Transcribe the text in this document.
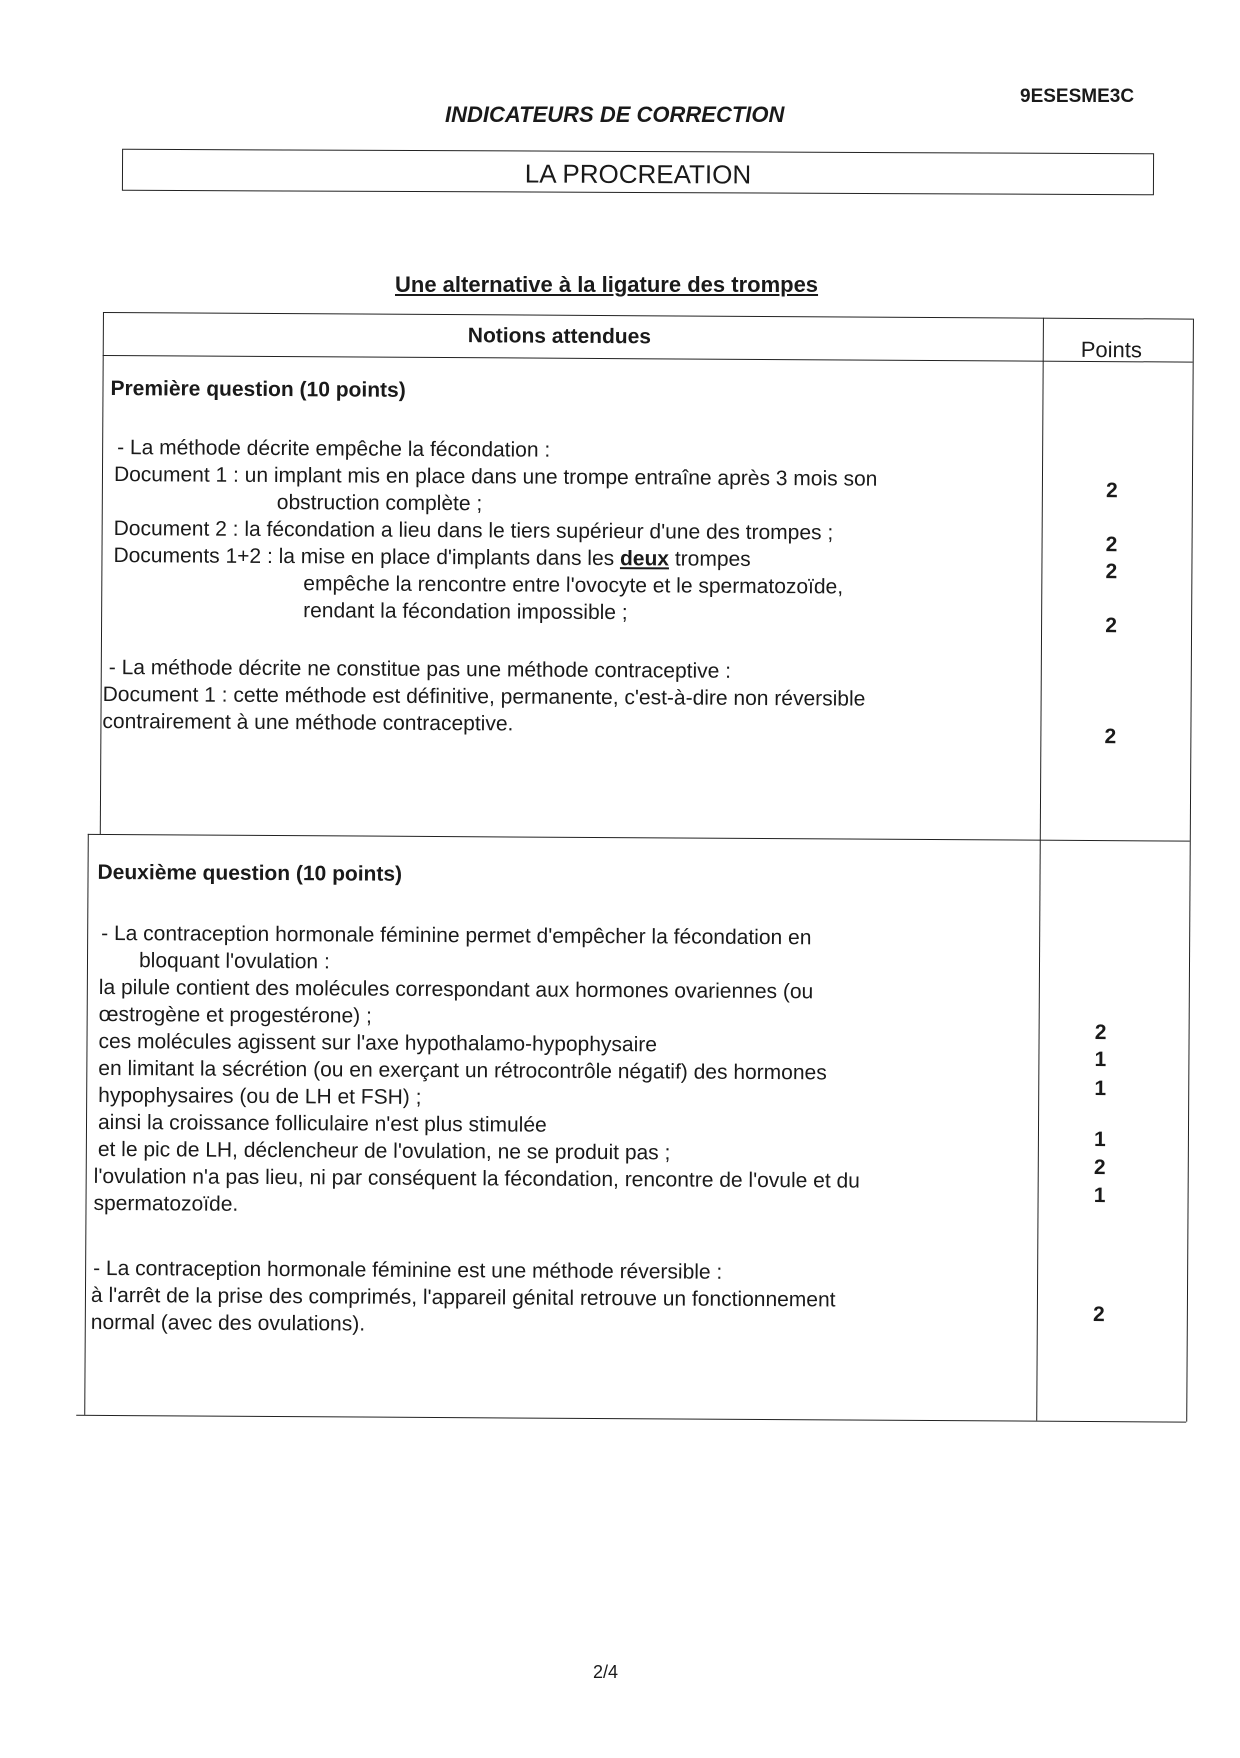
9ESESME3C
INDICATEURS DE CORRECTION
LA PROCREATION
Une alternative à la ligature des trompes
Notions attendues
Points
Première question (10 points)
- La méthode décrite empêche la fécondation :
Document 1 : un implant mis en place dans une trompe entraîne après 3 mois son
obstruction complète ;
Document 2 : la fécondation a lieu dans le tiers supérieur d'une des trompes ;
Documents 1+2 : la mise en place d'implants dans les deux trompes
empêche la rencontre entre l'ovocyte et le spermatozoïde,
rendant la fécondation impossible ;
- La méthode décrite ne constitue pas une méthode contraceptive :
Document 1 : cette méthode est définitive, permanente, c'est-à-dire non réversible
contrairement à une méthode contraceptive.
2
2
2
2
2
Deuxième question (10 points)
- La contraception hormonale féminine permet d'empêcher la fécondation en
bloquant l'ovulation :
la pilule contient des molécules correspondant aux hormones ovariennes (ou
œstrogène et progestérone) ;
ces molécules agissent sur l'axe hypothalamo-hypophysaire
en limitant la sécrétion (ou en exerçant un rétrocontrôle négatif) des hormones
hypophysaires (ou de LH et FSH) ;
ainsi la croissance folliculaire n'est plus stimulée
et le pic de LH, déclencheur de l'ovulation, ne se produit pas ;
l'ovulation n'a pas lieu, ni par conséquent la fécondation, rencontre de l'ovule et du
spermatozoïde.
- La contraception hormonale féminine est une méthode réversible :
à l'arrêt de la prise des comprimés, l'appareil génital retrouve un fonctionnement
normal (avec des ovulations).
2
1
1
1
2
1
2
2/4
